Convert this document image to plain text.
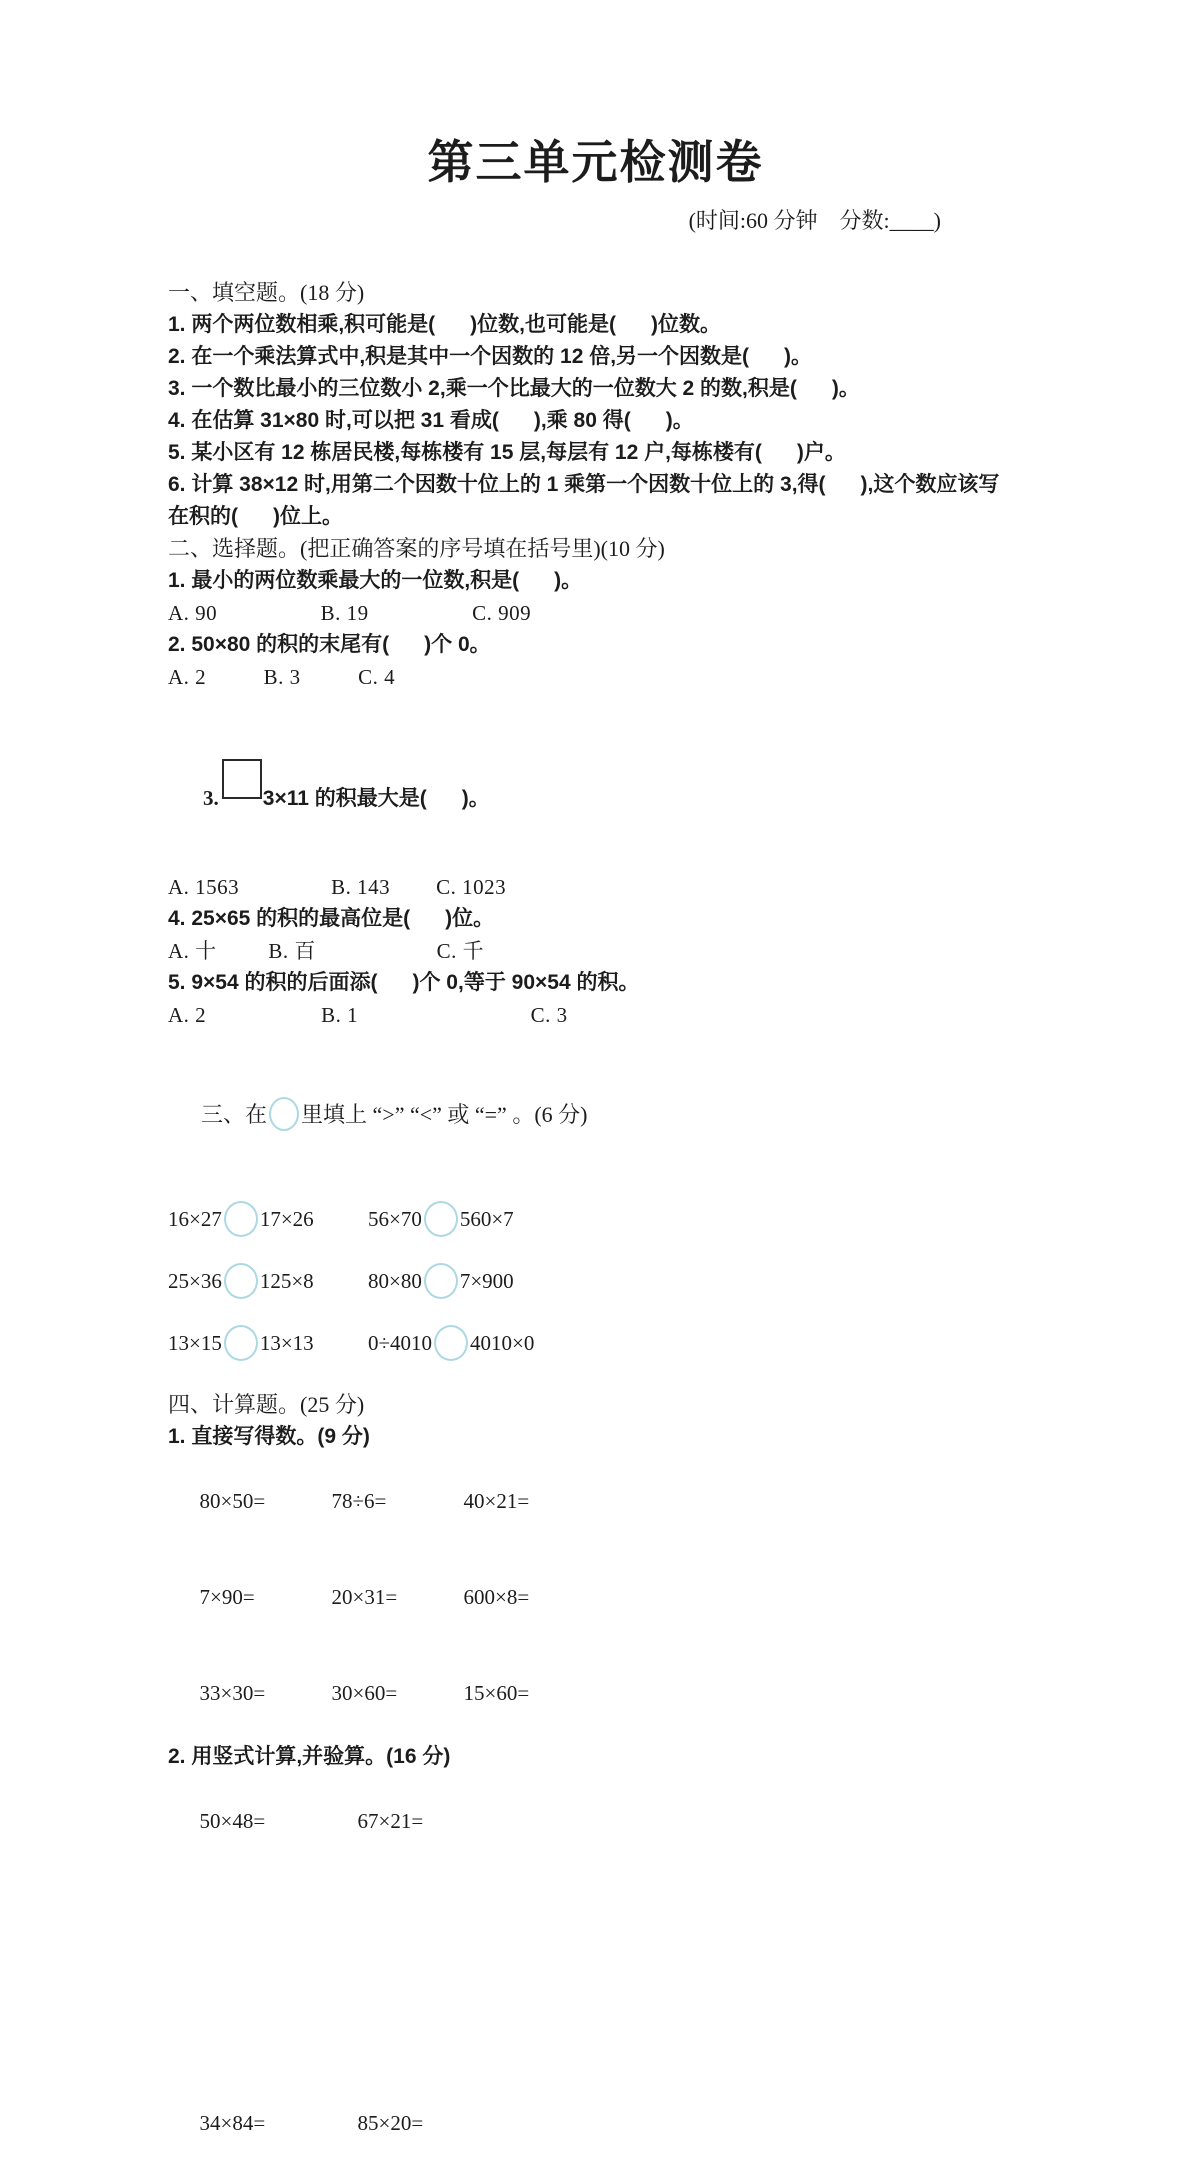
第三单元检测卷
(时间:60 分钟    分数:____)
一、填空题。(18 分)
1. 两个两位数相乘,积可能是(      )位数,也可能是(      )位数。
2. 在一个乘法算式中,积是其中一个因数的 12 倍,另一个因数是(      )。
3. 一个数比最小的三位数小 2,乘一个比最大的一位数大 2 的数,积是(      )。
4. 在估算 31×80 时,可以把 31 看成(      ),乘 80 得(      )。
5. 某小区有 12 栋居民楼,每栋楼有 15 层,每层有 12 户,每栋楼有(      )户。
6. 计算 38×12 时,用第二个因数十位上的 1 乘第一个因数十位上的 3,得(      ),这个数应该写
在积的(      )位上。
二、选择题。(把正确答案的序号填在括号里)(10 分)
1. 最小的两位数乘最大的一位数,积是(      )。
A. 90                  B. 19                  C. 909
2. 50×80 的积的末尾有(      )个 0。
A. 2          B. 3          C. 4

3. 3×11 的积最大是(      )。

A. 1563                B. 143        C. 1023
4. 25×65 的积的最高位是(      )位。
A. 十         B. 百                     C. 千
5. 9×54 的积的后面添(      )个 0,等于 90×54 的积。
A. 2                    B. 1                              C. 3

三、在 里填上 “>” “<” 或 “=” 。(6 分)

16×27 17×26	56×70 560×7
25×36 125×8	80×80 7×900
13×15 13×13	0÷4010 4010×0
四、计算题。(25 分)
1. 直接写得数。(9 分)

80×50=	78÷6=	40×21=

7×90=	20×31=	600×8=

33×30=	30×60=	15×60=

2. 用竖式计算,并验算。(16 分)

50×48=	67×21=

34×84=	85×20=
